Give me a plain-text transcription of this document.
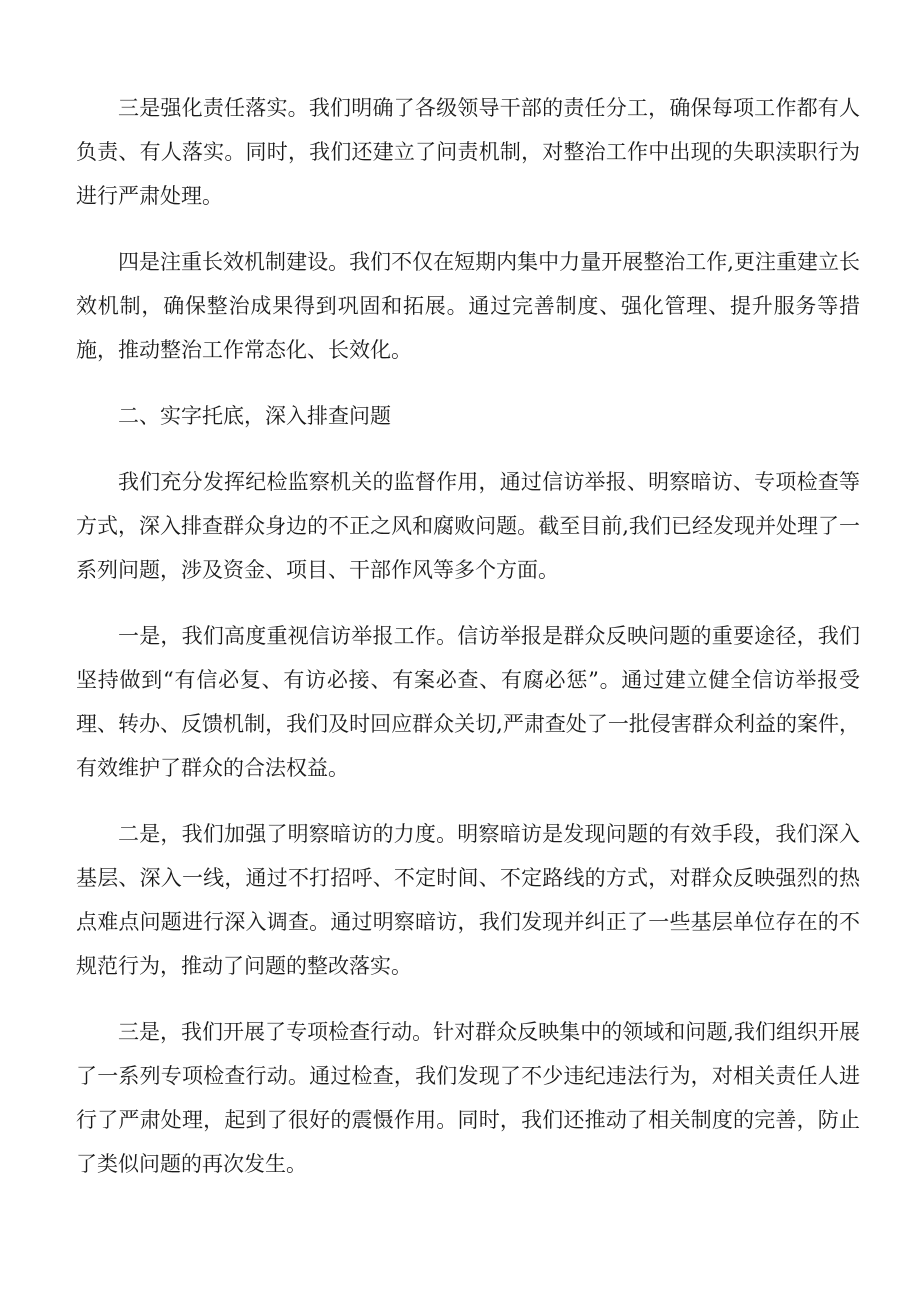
三是强化责任落实。我们明确了各级领导干部的责任分工，确保每项工作都有人负责、有人落实。同时，我们还建立了问责机制，对整治工作中出现的失职渎职行为进行严肃处理。

四是注重长效机制建设。我们不仅在短期内集中力量开展整治工作,更注重建立长效机制，确保整治成果得到巩固和拓展。通过完善制度、强化管理、提升服务等措施，推动整治工作常态化、长效化。

二、实字托底，深入排查问题

我们充分发挥纪检监察机关的监督作用，通过信访举报、明察暗访、专项检查等方式，深入排查群众身边的不正之风和腐败问题。截至目前,我们已经发现并处理了一系列问题，涉及资金、项目、干部作风等多个方面。

一是，我们高度重视信访举报工作。信访举报是群众反映问题的重要途径，我们坚持做到“有信必复、有访必接、有案必查、有腐必惩”。通过建立健全信访举报受理、转办、反馈机制，我们及时回应群众关切,严肃查处了一批侵害群众利益的案件，有效维护了群众的合法权益。

二是，我们加强了明察暗访的力度。明察暗访是发现问题的有效手段，我们深入基层、深入一线，通过不打招呼、不定时间、不定路线的方式，对群众反映强烈的热点难点问题进行深入调查。通过明察暗访，我们发现并纠正了一些基层单位存在的不规范行为，推动了问题的整改落实。

三是，我们开展了专项检查行动。针对群众反映集中的领域和问题,我们组织开展了一系列专项检查行动。通过检查，我们发现了不少违纪违法行为，对相关责任人进行了严肃处理，起到了很好的震慑作用。同时，我们还推动了相关制度的完善，防止了类似问题的再次发生。
